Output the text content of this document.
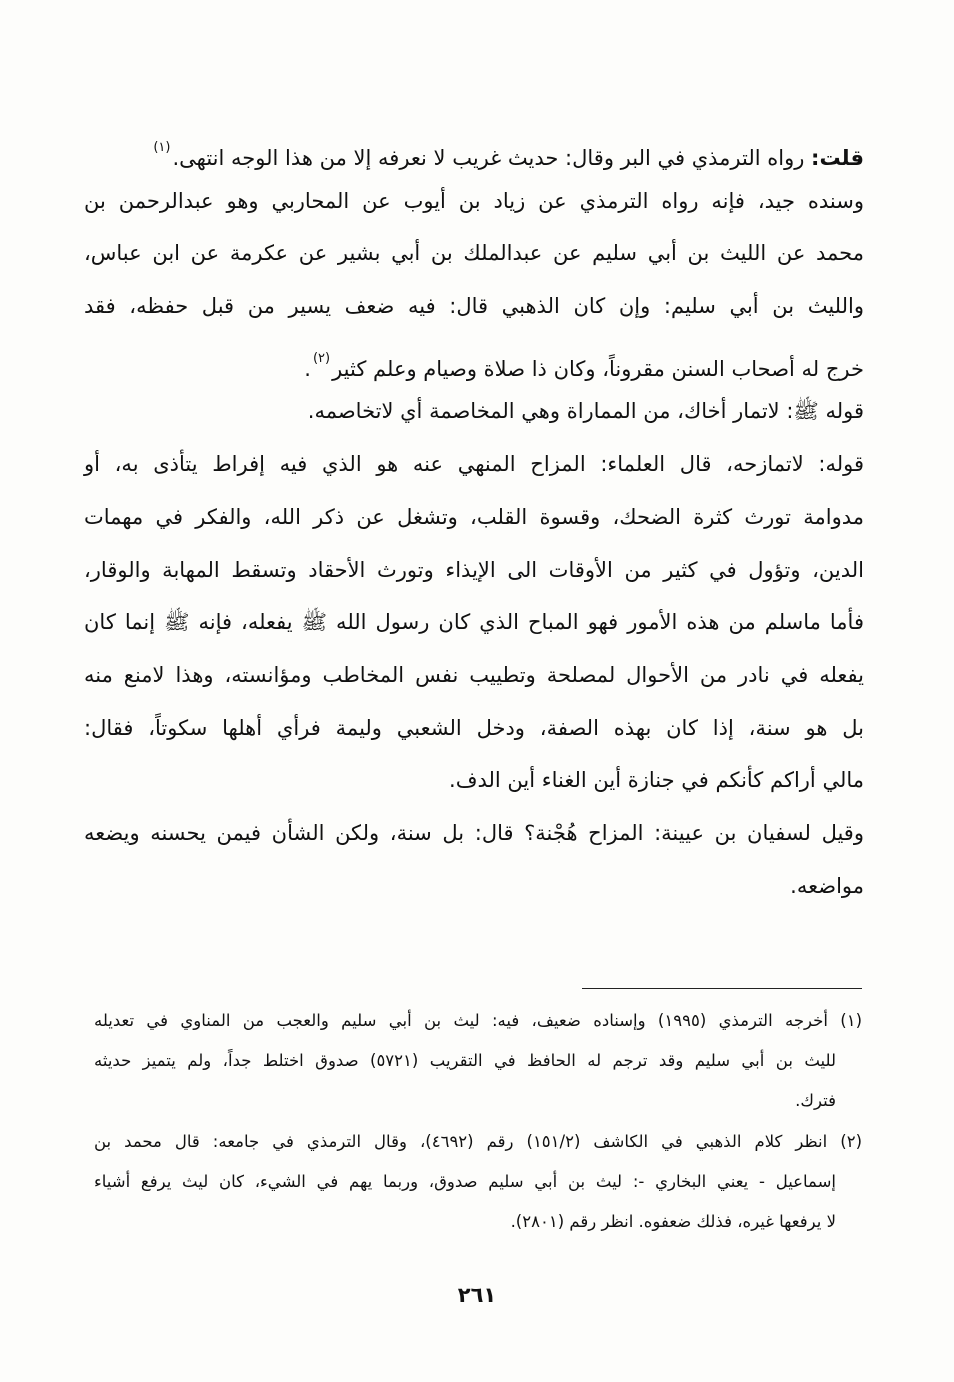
قلت: رواه الترمذي في البر وقال: حديث غريب لا نعرفه إلا من هذا الوجه انتهى.$^{(١)}$
وسنده جيد، فإنه رواه الترمذي عن زياد بن أيوب عن المحاربي وهو عبدالرحمن بن
محمد عن الليث بن أبي سليم عن عبدالملك بن أبي بشير عن عكرمة عن ابن عباس،
والليث بن أبي سليم: وإن كان الذهبي قال: فيه ضعف يسير من قبل حفظه، فقد
خرج له أصحاب السنن مقروناً، وكان ذا صلاة وصيام وعلم كثير$^{(٢)}$.
قوله ﷺ: لاتمار أخاك، من المماراة وهي المخاصمة أي لاتخاصمه.
قوله: لاتمازحه، قال العلماء: المزاح المنهي عنه هو الذي فيه إفراط يتأذى به، أو
مدوامة تورث كثرة الضحك، وقسوة القلب، وتشغل عن ذكر الله، والفكر في مهمات
الدين، وتؤول في كثير من الأوقات الى الإيذاء وتورث الأحقاد وتسقط المهابة والوقار،
فأما ماسلم من هذه الأمور فهو المباح الذي كان رسول الله ﷺ يفعله، فإنه ﷺ إنما كان
يفعله في نادر من الأحوال لمصلحة وتطييب نفس المخاطب ومؤانسته، وهذا لامنع منه
بل هو سنة، إذا كان بهذه الصفة، ودخل الشعبي وليمة فرأي أهلها سكوتاً، فقال:
مالي أراكم كأنكم في جنازة أين الغناء أين الدف.
وقيل لسفيان بن عيينة: المزاح هُجْنة؟ قال: بل سنة، ولكن الشأن فيمن يحسنه ويضعه
مواضعه.
(١) أخرجه الترمذي (١٩٩٥) وإسناده ضعيف، فيه: ليث بن أبي سليم والعجب من المناوي في تعديله
لليث بن أبي سليم وقد ترجم له الحافظ في التقريب (٥٧٢١) صدوق اختلط جداً، ولم يتميز حديثه
فترك.
(٢) انظر كلام الذهبي في الكاشف (١٥١/٢) رقم (٤٦٩٢)، وقال الترمذي في جامعه: قال محمد بن
إسماعيل - يعني البخاري -: ليث بن أبي سليم صدوق، وربما يهم في الشيء، كان ليث يرفع أشياء
لا يرفعها غيره، فذلك ضعفوه. انظر رقم (٢٨٠١).
٢٦١
